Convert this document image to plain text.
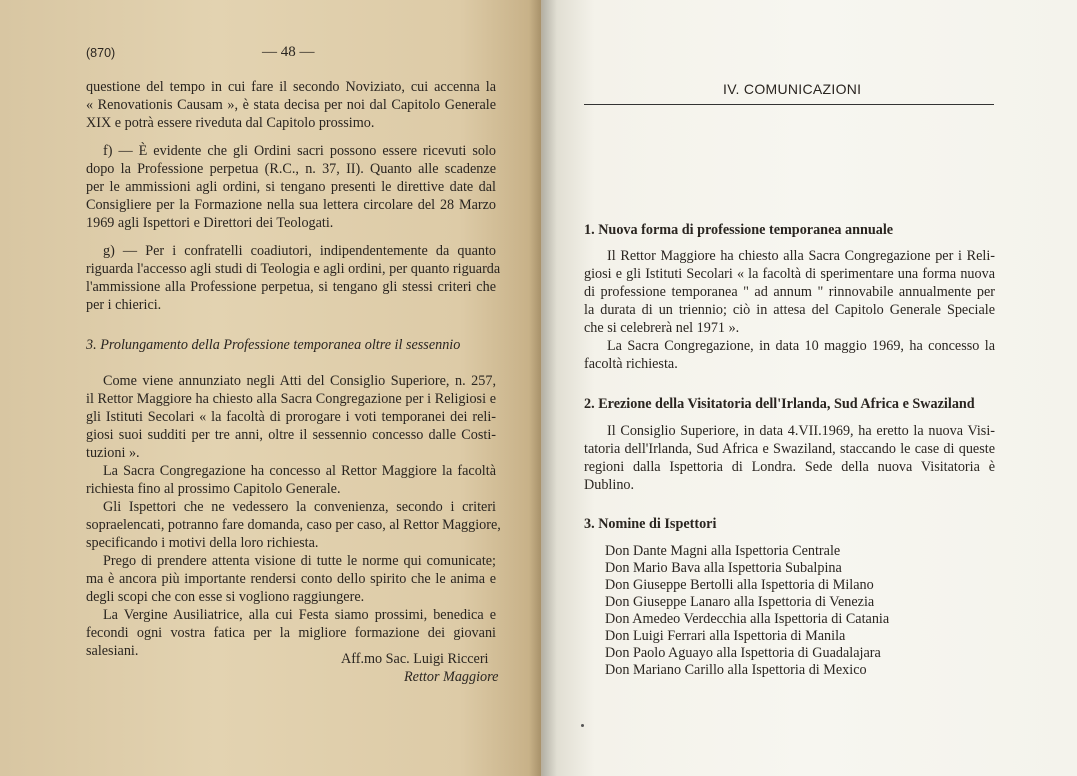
(870)	— 48 —
questione del tempo in cui fare il secondo Noviziato, cui accenna la
« Renovationis Causam », è stata decisa per noi dal Capitolo Generale
XIX e potrà essere riveduta dal Capitolo prossimo.
f) — È evidente che gli Ordini sacri possono essere ricevuti solo
dopo la Professione perpetua (R.C., n. 37, II). Quanto alle scadenze
per le ammissioni agli ordini, si tengano presenti le direttive date dal
Consigliere per la Formazione nella sua lettera circolare del 28 Marzo
1969 agli Ispettori e Direttori dei Teologati.
g) — Per i confratelli coadiutori, indipendentemente da quanto
riguarda l'accesso agli studi di Teologia e agli ordini, per quanto riguarda
l'ammissione alla Professione perpetua, si tengano gli stessi criteri che
per i chierici.
3. Prolungamento della Professione temporanea oltre il sessennio
Come viene annunziato negli Atti del Consiglio Superiore, n. 257,
il Rettor Maggiore ha chiesto alla Sacra Congregazione per i Religiosi e
gli Istituti Secolari « la facoltà di prorogare i voti temporanei dei reli-
giosi suoi sudditi per tre anni, oltre il sessennio concesso dalle Costi-
tuzioni ».
La Sacra Congregazione ha concesso al Rettor Maggiore la facoltà
richiesta fino al prossimo Capitolo Generale.
Gli Ispettori che ne vedessero la convenienza, secondo i criteri
sopraelencati, potranno fare domanda, caso per caso, al Rettor Maggiore,
specificando i motivi della loro richiesta.
Prego di prendere attenta visione di tutte le norme qui comunicate;
ma è ancora più importante rendersi conto dello spirito che le anima e
degli scopi che con esse si vogliono raggiungere.
La Vergine Ausiliatrice, alla cui Festa siamo prossimi, benedica e
fecondi ogni vostra fatica per la migliore formazione dei giovani
salesiani.	Aff.mo Sac. Luigi Ricceri
Rettor Maggiore
IV. COMUNICAZIONI
1. Nuova forma di professione temporanea annuale
Il Rettor Maggiore ha chiesto alla Sacra Congregazione per i Reli-
giosi e gli Istituti Secolari « la facoltà di sperimentare una forma nuova
di professione temporanea " ad annum " rinnovabile annualmente per
la durata di un triennio; ciò in attesa del Capitolo Generale Speciale
che si celebrerà nel 1971 ».
La Sacra Congregazione, in data 10 maggio 1969, ha concesso la
facoltà richiesta.
2. Erezione della Visitatoria dell'Irlanda, Sud Africa e Swaziland
Il Consiglio Superiore, in data 4.VII.1969, ha eretto la nuova Visi-
tatoria dell'Irlanda, Sud Africa e Swaziland, staccando le case di queste
regioni dalla Ispettoria di Londra. Sede della nuova Visitatoria è
Dublino.
3. Nomine di Ispettori
Don Dante Magni alla Ispettoria Centrale
Don Mario Bava alla Ispettoria Subalpina
Don Giuseppe Bertolli alla Ispettoria di Milano
Don Giuseppe Lanaro alla Ispettoria di Venezia
Don Amedeo Verdecchia alla Ispettoria di Catania
Don Luigi Ferrari alla Ispettoria di Manila
Don Paolo Aguayo alla Ispettoria di Guadalajara
Don Mariano Carillo alla Ispettoria di Mexico
